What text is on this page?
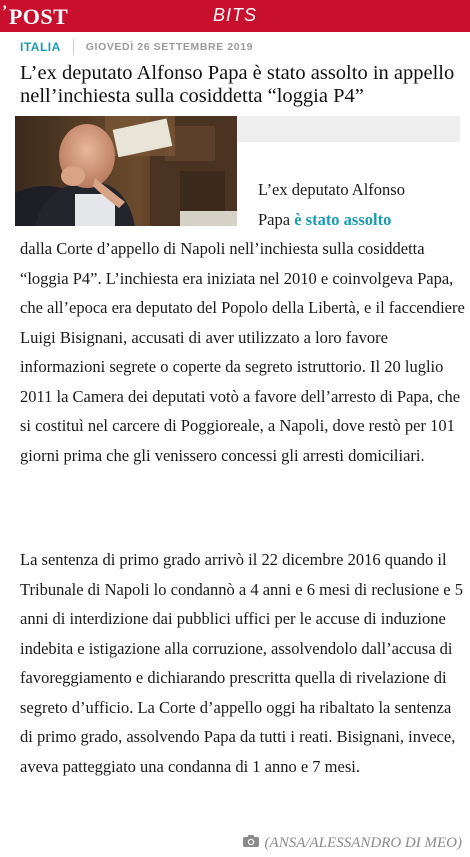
’POST	BITS
ITALIA GIOVEDÌ 26 SETTEMBRE 2019
L’ex deputato Alfonso Papa è stato assolto in appello nell’inchiesta sulla cosiddetta “loggia P4”

L’ex deputato Alfonso
Papa è stato assolto

dalla Corte d’appello di Napoli nell’inchiesta sulla cosiddetta “loggia P4”. L’inchiesta era iniziata nel 2010 e coinvolgeva Papa, che all’epoca era deputato del Popolo della Libertà, e il faccendiere Luigi Bisignani, accusati di aver utilizzato a loro favore informazioni segrete o coperte da segreto istruttorio. Il 20 luglio 2011 la Camera dei deputati votò a favore dell’arresto di Papa, che si costituì nel carcere di Poggioreale, a Napoli, dove restò per 101 giorni prima che gli venissero concessi gli arresti domiciliari.

La sentenza di primo grado arrivò il 22 dicembre 2016 quando il Tribunale di Napoli lo condannò a 4 anni e 6 mesi di reclusione e 5 anni di interdizione dai pubblici uffici per le accuse di induzione indebita e istigazione alla corruzione, assolvendolo dall’accusa di favoreggiamento e dichiarando prescritta quella di rivelazione di segreto d’ufficio. La Corte d’appello oggi ha ribaltato la sentenza di primo grado, assolvendo Papa da tutti i reati. Bisignani, invece, aveva patteggiato una condanna di 1 anno e 7 mesi.

(ANSA/ALESSANDRO DI MEO)
